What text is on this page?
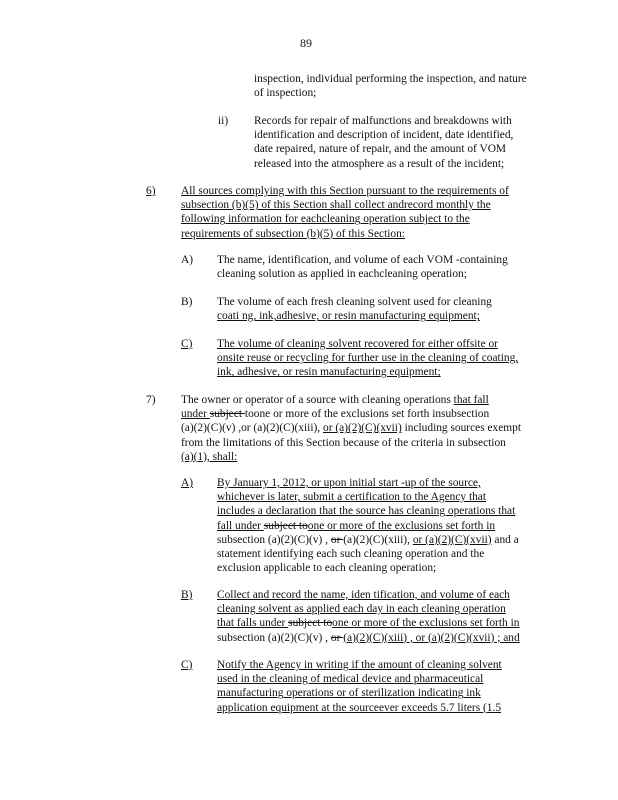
89
inspection, individual performing the inspection, and nature
of inspection;
ii) Records for repair of malfunctions and breakdowns with
identification and description of incident, date identified,
date repaired, nature of repair, and the amount of VOM
released into the atmosphere as a result of the incident;
6) All sources complying with this Section pursuant to the requirements of
subsection (b)(5) of this Section shall collect andrecord monthly the
following information for eachcleaning operation subject to the
requirements of subsection (b)(5) of this Section:
A) The name, identification, and volume of each VOM -containing
cleaning solution as applied in eachcleaning operation;
B) The volume of each fresh cleaning solvent used for cleaning
coati ng, ink,adhesive, or resin manufacturing equipment;
C) The volume of cleaning solvent recovered for either offsite or
onsite reuse or recycling for further use in the cleaning of coating,
ink, adhesive, or resin manufacturing equipment;
7) The owner or operator of a source with cleaning operations that fall
under subject toone or more of the exclusions set forth insubsection
(a)(2)(C)(v) ,or (a)(2)(C)(xiii), or (a)(2)(C)(xvii) including sources exempt
from the limitations of this Section because of the criteria in subsection
(a)(1), shall:
A) By January 1, 2012, or upon initial start -up of the source,
whichever is later, submit a certification to the Agency that
includes a declaration that the source has cleaning operations that
fall under subject toone or more of the exclusions set forth in
subsection (a)(2)(C)(v) , or (a)(2)(C)(xiii), or (a)(2)(C)(xvii) and a
statement identifying each such cleaning operation and the
exclusion applicable to each cleaning operation;
B) Collect and record the name, iden tification, and volume of each
cleaning solvent as applied each day in each cleaning operation
that falls under subject toone or more of the exclusions set forth in
subsection (a)(2)(C)(v) , or (a)(2)(C)(xiii) , or (a)(2)(C)(xvii) ; and
C) Notify the Agency in writing if the amount of cleaning solvent
used in the cleaning of medical device and pharmaceutical
manufacturing operations or of sterilization indicating ink
application equipment at the sourceever exceeds 5.7 liters (1.5
